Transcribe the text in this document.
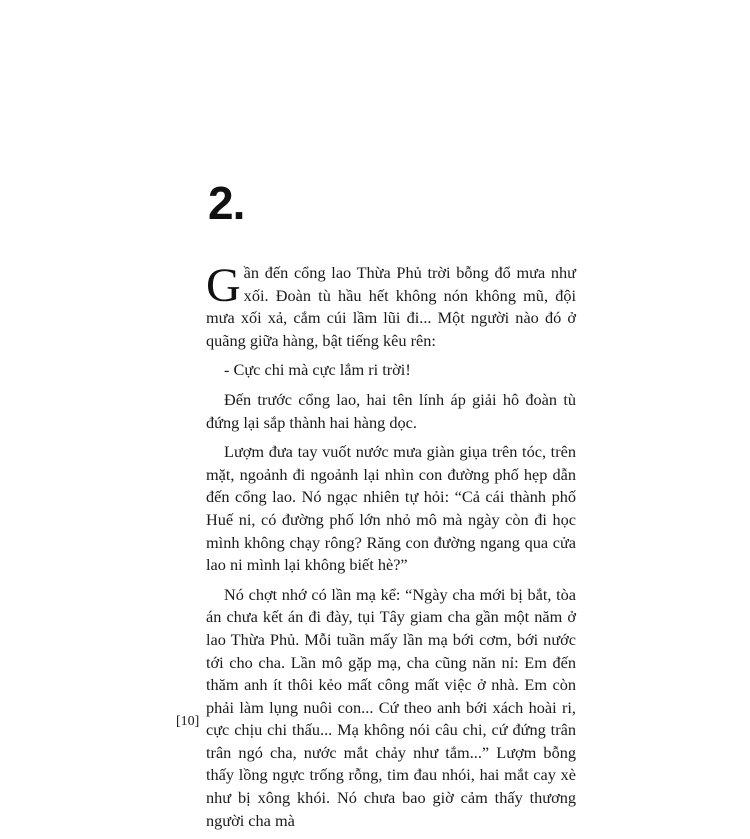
2.

Gần đến cổng lao Thừa Phủ trời bỗng đổ mưa như xối. Đoàn tù hầu hết không nón không mũ, đội mưa xối xả, cắm cúi lầm lũi đi... Một người nào đó ở quãng giữa hàng, bật tiếng kêu rên:

- Cực chi mà cực lắm ri trời!

Đến trước cổng lao, hai tên lính áp giải hô đoàn tù đứng lại sắp thành hai hàng dọc.

Lượm đưa tay vuốt nước mưa giàn giụa trên tóc, trên mặt, ngoảnh đi ngoảnh lại nhìn con đường phố hẹp dẫn đến cổng lao. Nó ngạc nhiên tự hỏi: “Cả cái thành phố Huế ni, có đường phố lớn nhỏ mô mà ngày còn đi học mình không chạy rông? Răng con đường ngang qua cửa lao ni mình lại không biết hè?”

Nó chợt nhớ có lần mạ kể: “Ngày cha mới bị bắt, tòa án chưa kết án đi đày, tụi Tây giam cha gần một năm ở lao Thừa Phủ. Mỗi tuần mấy lần mạ bới cơm, bới nước tới cho cha. Lần mô gặp mạ, cha cũng năn nỉ: Em đến thăm anh ít thôi kẻo mất công mất việc ở nhà. Em còn phải làm lụng nuôi con... Cứ theo anh bới xách hoài ri, cực chịu chi thấu... Mạ không nói câu chi, cứ đứng trân trân ngó cha, nước mắt chảy như tắm...” Lượm bỗng thấy lồng ngực trống rỗng, tim đau nhói, hai mắt cay xè như bị xông khói. Nó chưa bao giờ cảm thấy thương người cha mà

[10]
